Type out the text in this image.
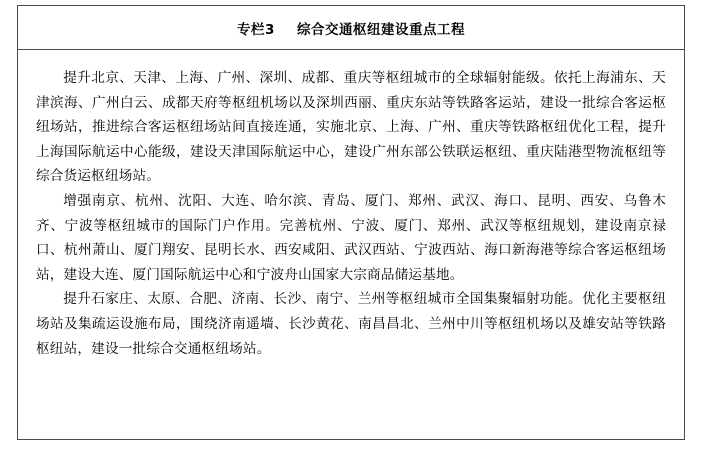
专栏3 综合交通枢纽建设重点工程

提升北京、天津、上海、广州、深圳、成都、重庆等枢纽城市的全球辐射能级。依托上海浦东、天津滨海、广州白云、成都天府等枢纽机场以及深圳西丽、重庆东站等铁路客运站，建设一批综合客运枢纽场站，推进综合客运枢纽场站间直接连通，实施北京、上海、广州、重庆等铁路枢纽优化工程，提升上海国际航运中心能级，建设天津国际航运中心，建设广州东部公铁联运枢纽、重庆陆港型物流枢纽等综合货运枢纽场站。

增强南京、杭州、沈阳、大连、哈尔滨、青岛、厦门、郑州、武汉、海口、昆明、西安、乌鲁木齐、宁波等枢纽城市的国际门户作用。完善杭州、宁波、厦门、郑州、武汉等枢纽规划，建设南京禄口、杭州萧山、厦门翔安、昆明长水、西安咸阳、武汉西站、宁波西站、海口新海港等综合客运枢纽场站，建设大连、厦门国际航运中心和宁波舟山国家大宗商品储运基地。

提升石家庄、太原、合肥、济南、长沙、南宁、兰州等枢纽城市全国集聚辐射功能。优化主要枢纽场站及集疏运设施布局，围绕济南遥墙、长沙黄花、南昌昌北、兰州中川等枢纽机场以及雄安站等铁路枢纽站，建设一批综合交通枢纽场站。
